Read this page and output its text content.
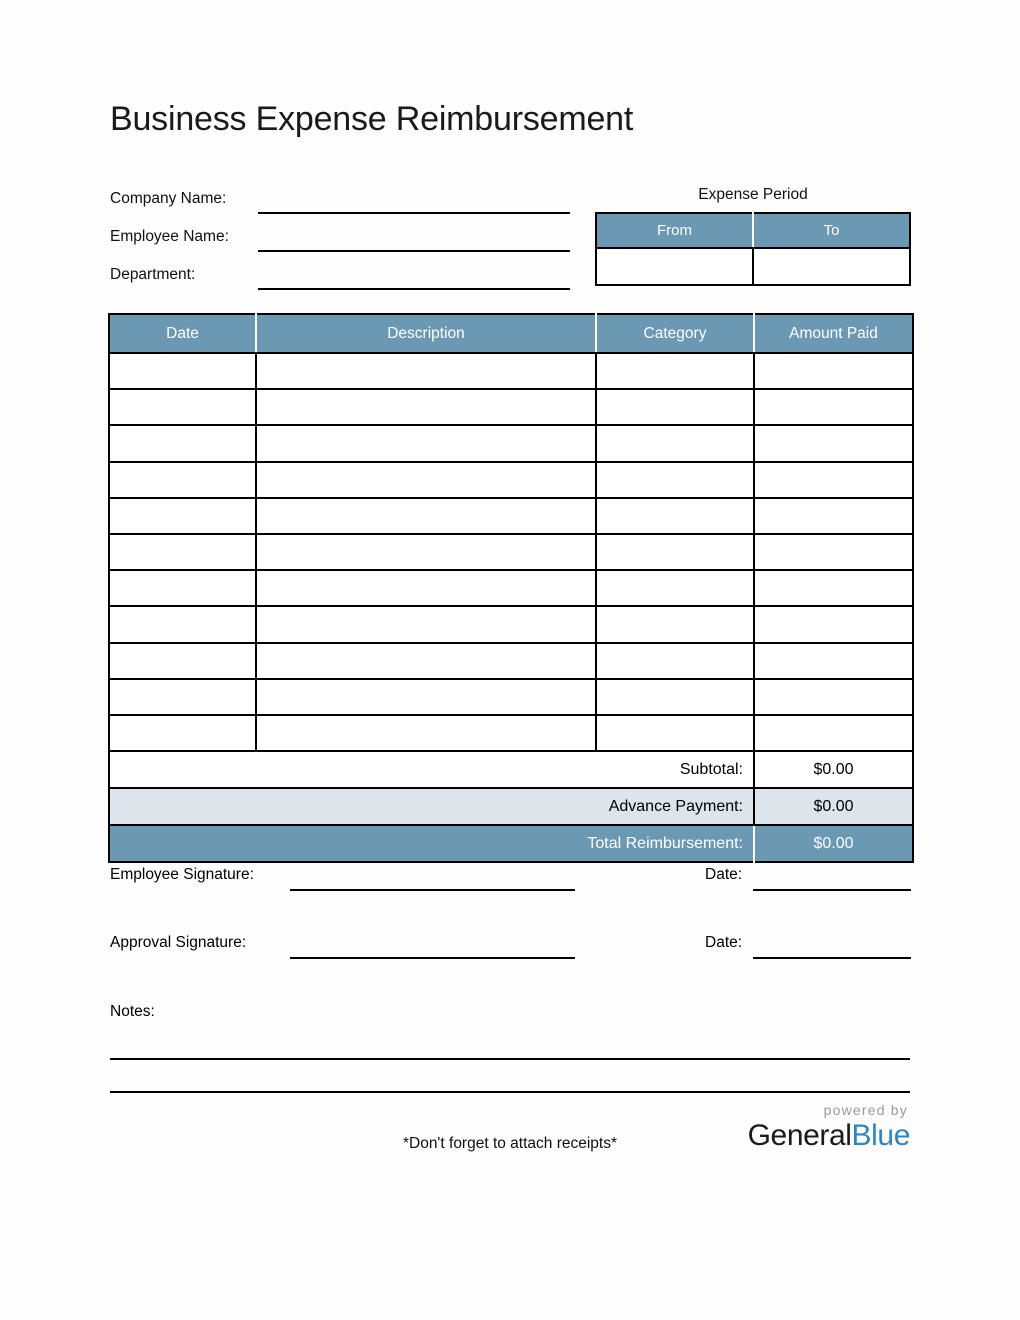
Business Expense Reimbursement
Company Name:
Employee Name:
Department:
Expense Period
From	To

Date	Description	Category	Amount Paid

Subtotal:			$0.00
Advance Payment:			$0.00
Total Reimbursement:			$0.00
Employee Signature:	Date:
Approval Signature:	Date:
Notes:
*Don't forget to attach receipts*
powered by
GeneralBlue
